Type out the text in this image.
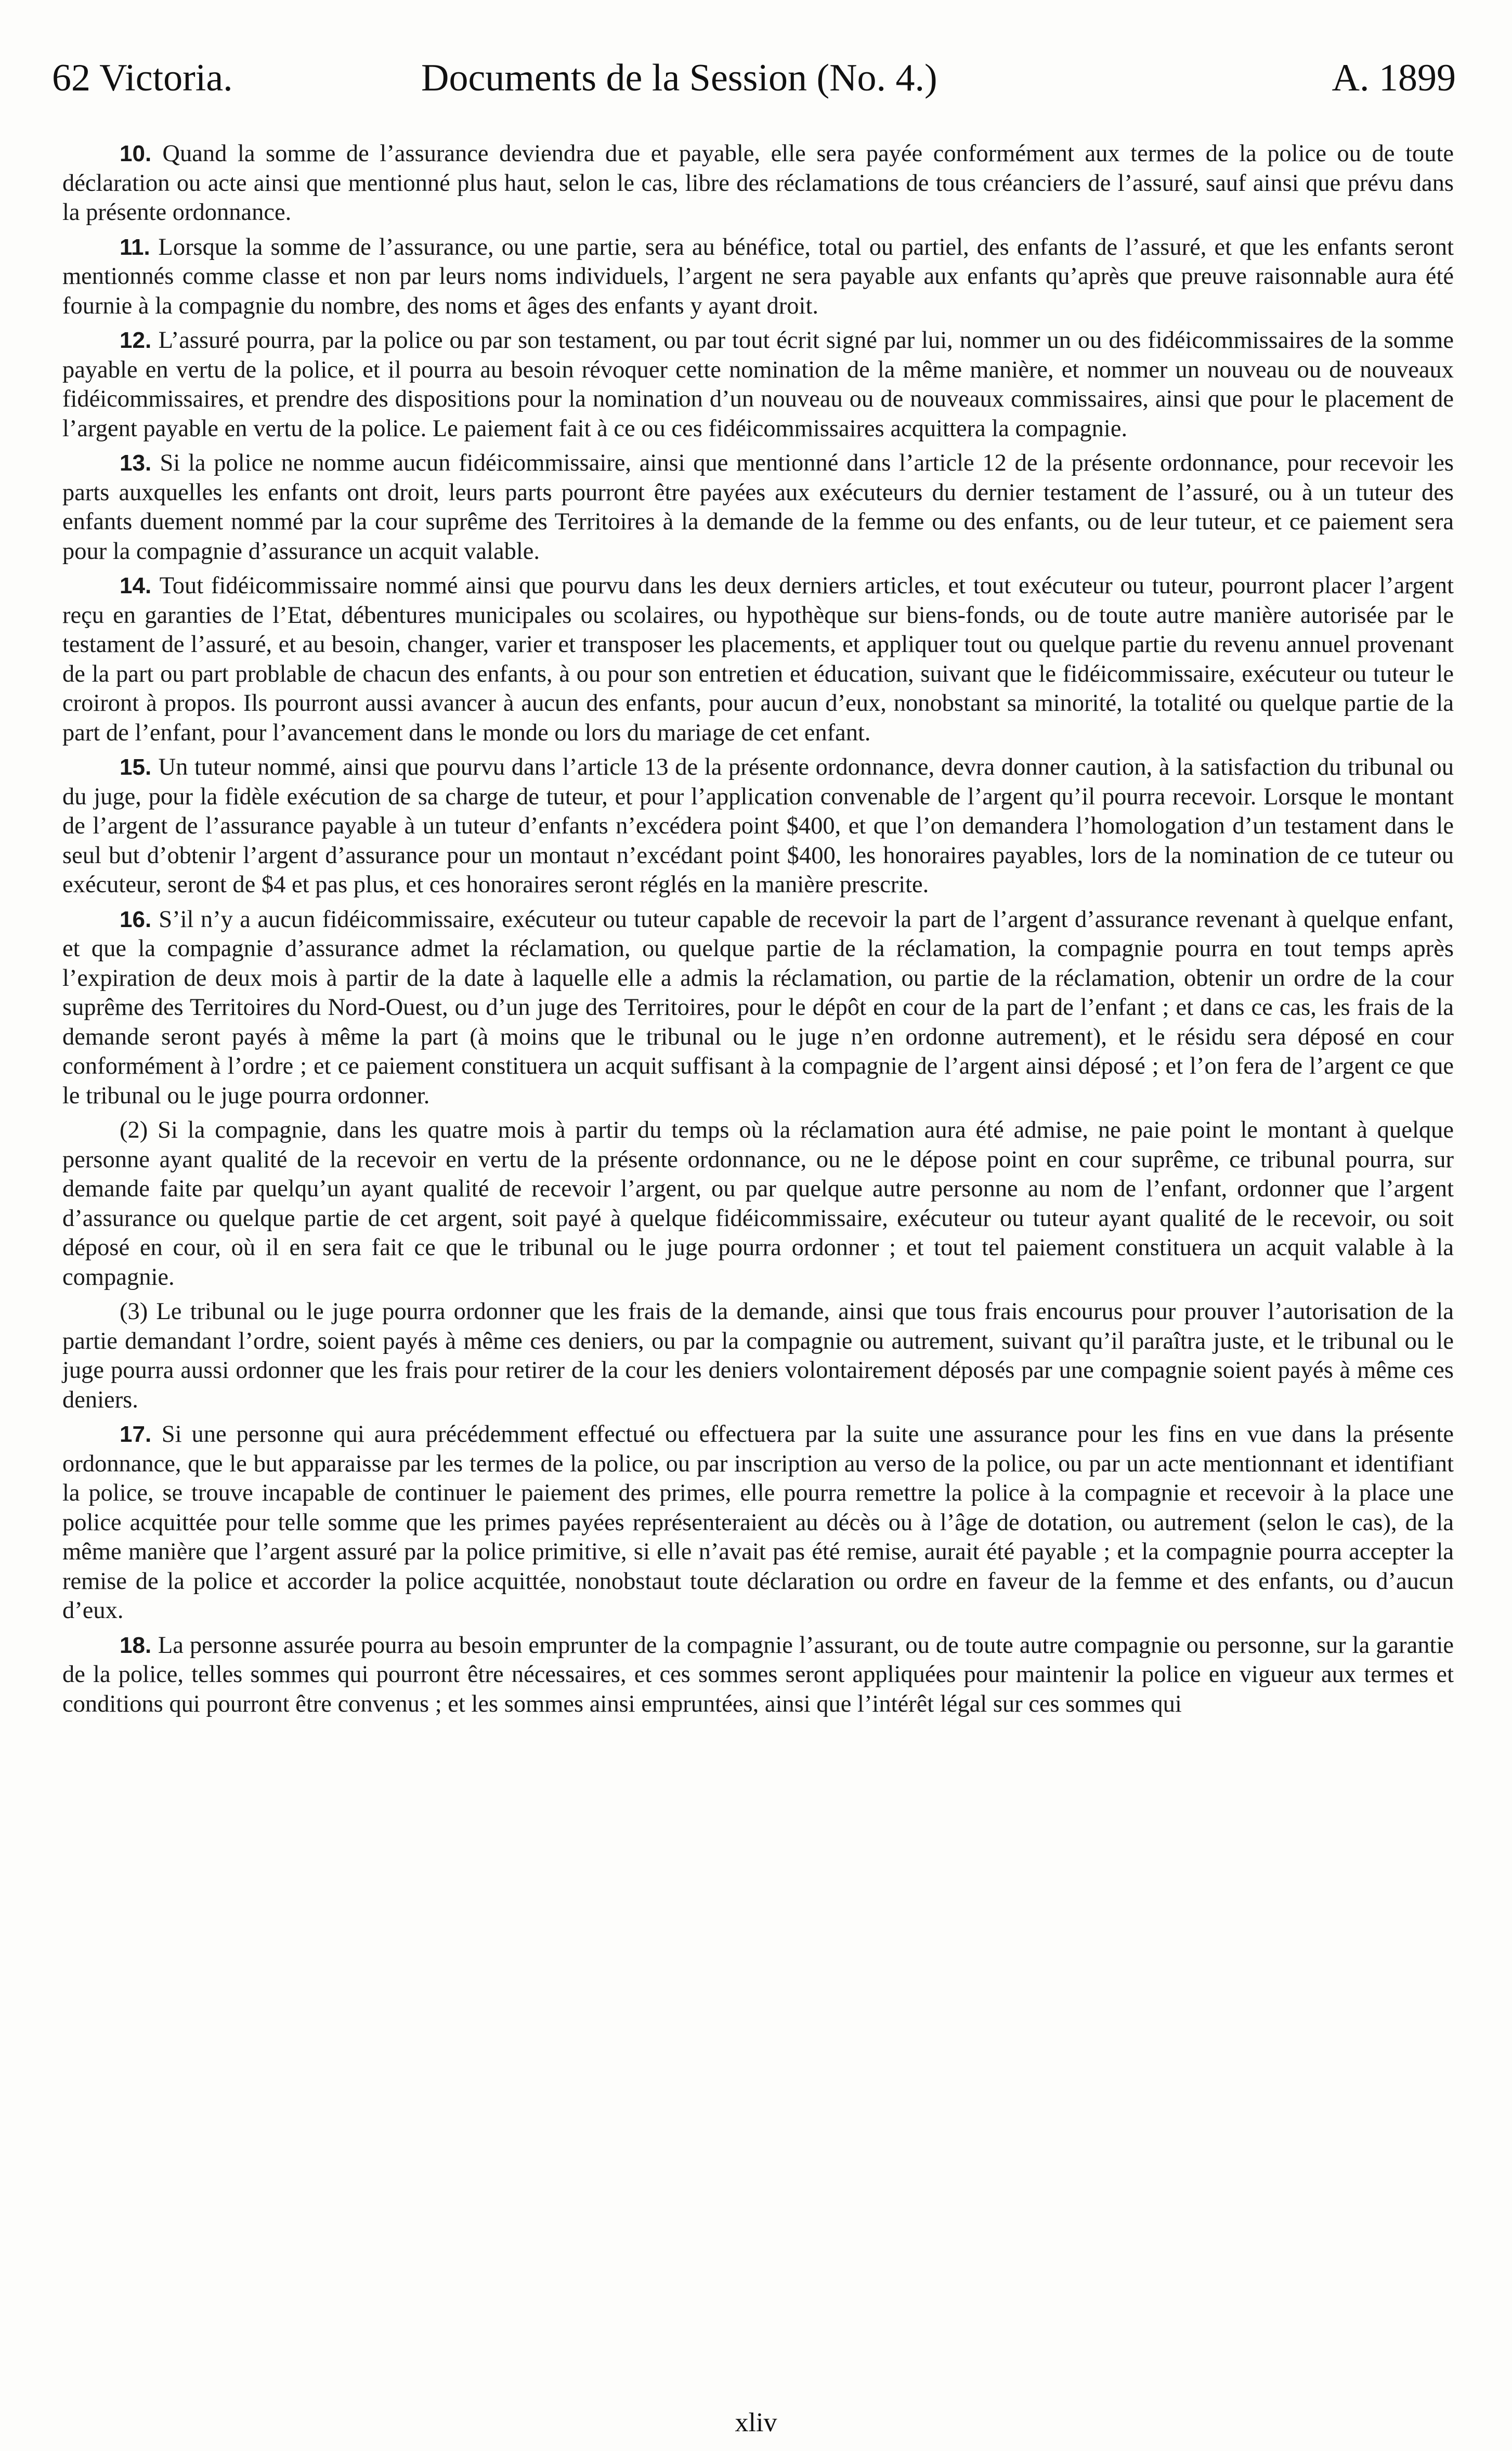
62 Victoria.	Documents de la Session (No. 4.)	A. 1899

10 . Quand la somme de l’assurance deviendra due et payable, elle sera payée conformément aux termes de la police ou de toute déclaration ou acte ainsi que mentionné plus haut, selon le cas, libre des réclamations de tous créanciers de l’assuré, sauf ainsi que prévu dans la présente ordonnance.

11 . Lorsque la somme de l’assurance, ou une partie, sera au bénéfice, total ou partiel, des enfants de l’assuré, et que les enfants seront mentionnés comme classe et non par leurs noms individuels, l’argent ne sera payable aux enfants qu’après que preuve raisonnable aura été fournie à la compagnie du nombre, des noms et âges des enfants y ayant droit.

12 . L’assuré pourra, par la police ou par son testament, ou par tout écrit signé par lui, nommer un ou des fidéicommissaires de la somme payable en vertu de la police, et il pourra au besoin révoquer cette nomination de la même manière, et nommer un nouveau ou de nouveaux fidéicommissaires, et prendre des dispositions pour la nomination d’un nouveau ou de nouveaux commissaires, ainsi que pour le placement de l’argent payable en vertu de la police. Le paiement fait à ce ou ces fidéicommissaires acquittera la compagnie.

13 . Si la police ne nomme aucun fidéicommissaire, ainsi que mentionné dans l’article 12 de la présente ordonnance, pour recevoir les parts auxquelles les enfants ont droit, leurs parts pourront être payées aux exécuteurs du dernier testament de l’assuré, ou à un tuteur des enfants duement nommé par la cour suprême des Territoires à la demande de la femme ou des enfants, ou de leur tuteur, et ce paiement sera pour la compagnie d’assurance un acquit valable.

14 . Tout fidéicommissaire nommé ainsi que pourvu dans les deux derniers articles, et tout exécuteur ou tuteur, pourront placer l’argent reçu en garanties de l’Etat, débentures municipales ou scolaires, ou hypothèque sur biens-fonds, ou de toute autre manière autorisée par le testament de l’assuré, et au besoin, changer, varier et transposer les placements, et appliquer tout ou quelque partie du revenu annuel provenant de la part ou part problable de chacun des enfants, à ou pour son entretien et éducation, suivant que le fidéicommissaire, exécuteur ou tuteur le croiront à propos. Ils pourront aussi avancer à aucun des enfants, pour aucun d’eux, nonobstant sa minorité, la totalité ou quelque partie de la part de l’enfant, pour l’avancement dans le monde ou lors du mariage de cet enfant.

15 . Un tuteur nommé, ainsi que pourvu dans l’article 13 de la présente ordonnance, devra donner caution, à la satisfaction du tribunal ou du juge, pour la fidèle exécution de sa charge de tuteur, et pour l’application convenable de l’argent qu’il pourra recevoir. Lorsque le montant de l’argent de l’assurance payable à un tuteur d’enfants n’excédera point $400, et que l’on demandera l’homologation d’un testament dans le seul but d’obtenir l’argent d’assurance pour un montaut n’excédant point $400, les honoraires payables, lors de la nomination de ce tuteur ou exécuteur, seront de $4 et pas plus, et ces honoraires seront réglés en la manière prescrite.

16 . S’il n’y a aucun fidéicommissaire, exécuteur ou tuteur capable de recevoir la part de l’argent d’assurance revenant à quelque enfant, et que la compagnie d’assurance admet la réclamation, ou quelque partie de la réclamation, la compagnie pourra en tout temps après l’expiration de deux mois à partir de la date à laquelle elle a admis la réclamation, ou partie de la réclamation, obtenir un ordre de la cour suprême des Territoires du Nord-Ouest, ou d’un juge des Territoires, pour le dépôt en cour de la part de l’enfant ; et dans ce cas, les frais de la demande seront payés à même la part (à moins que le tribunal ou le juge n’en ordonne autrement), et le résidu sera déposé en cour conformément à l’ordre ; et ce paiement constituera un acquit suffisant à la compagnie de l’argent ainsi déposé ; et l’on fera de l’argent ce que le tribunal ou le juge pourra ordonner.

(2) Si la compagnie, dans les quatre mois à partir du temps où la réclamation aura été admise, ne paie point le montant à quelque personne ayant qualité de la recevoir en vertu de la présente ordonnance, ou ne le dépose point en cour suprême, ce tribunal pourra, sur demande faite par quelqu’un ayant qualité de recevoir l’argent, ou par quelque autre personne au nom de l’enfant, ordonner que l’argent d’assurance ou quelque partie de cet argent, soit payé à quelque fidéicommissaire, exécuteur ou tuteur ayant qualité de le recevoir, ou soit déposé en cour, où il en sera fait ce que le tribunal ou le juge pourra ordonner ; et tout tel paiement constituera un acquit valable à la compagnie.

(3) Le tribunal ou le juge pourra ordonner que les frais de la demande, ainsi que tous frais encourus pour prouver l’autorisation de la partie demandant l’ordre, soient payés à même ces deniers, ou par la compagnie ou autrement, suivant qu’il paraîtra juste, et le tribunal ou le juge pourra aussi ordonner que les frais pour retirer de la cour les deniers volontairement déposés par une compagnie soient payés à même ces deniers.

17 . Si une personne qui aura précédemment effectué ou effectuera par la suite une assurance pour les fins en vue dans la présente ordonnance, que le but apparaisse par les termes de la police, ou par inscription au verso de la police, ou par un acte mentionnant et identifiant la police, se trouve incapable de continuer le paiement des primes, elle pourra remettre la police à la compagnie et recevoir à la place une police acquittée pour telle somme que les primes payées représenteraient au décès ou à l’âge de dotation, ou autrement (selon le cas), de la même manière que l’argent assuré par la police primitive, si elle n’avait pas été remise, aurait été payable ; et la compagnie pourra accepter la remise de la police et accorder la police acquittée, nonobstaut toute déclaration ou ordre en faveur de la femme et des enfants, ou d’aucun d’eux.

18 . La personne assurée pourra au besoin emprunter de la compagnie l’assurant, ou de toute autre compagnie ou personne, sur la garantie de la police, telles sommes qui pourront être nécessaires, et ces sommes seront appliquées pour maintenir la police en vigueur aux termes et conditions qui pourront être convenus ; et les sommes ainsi empruntées, ainsi que l’intérêt légal sur ces sommes qui

xliv
